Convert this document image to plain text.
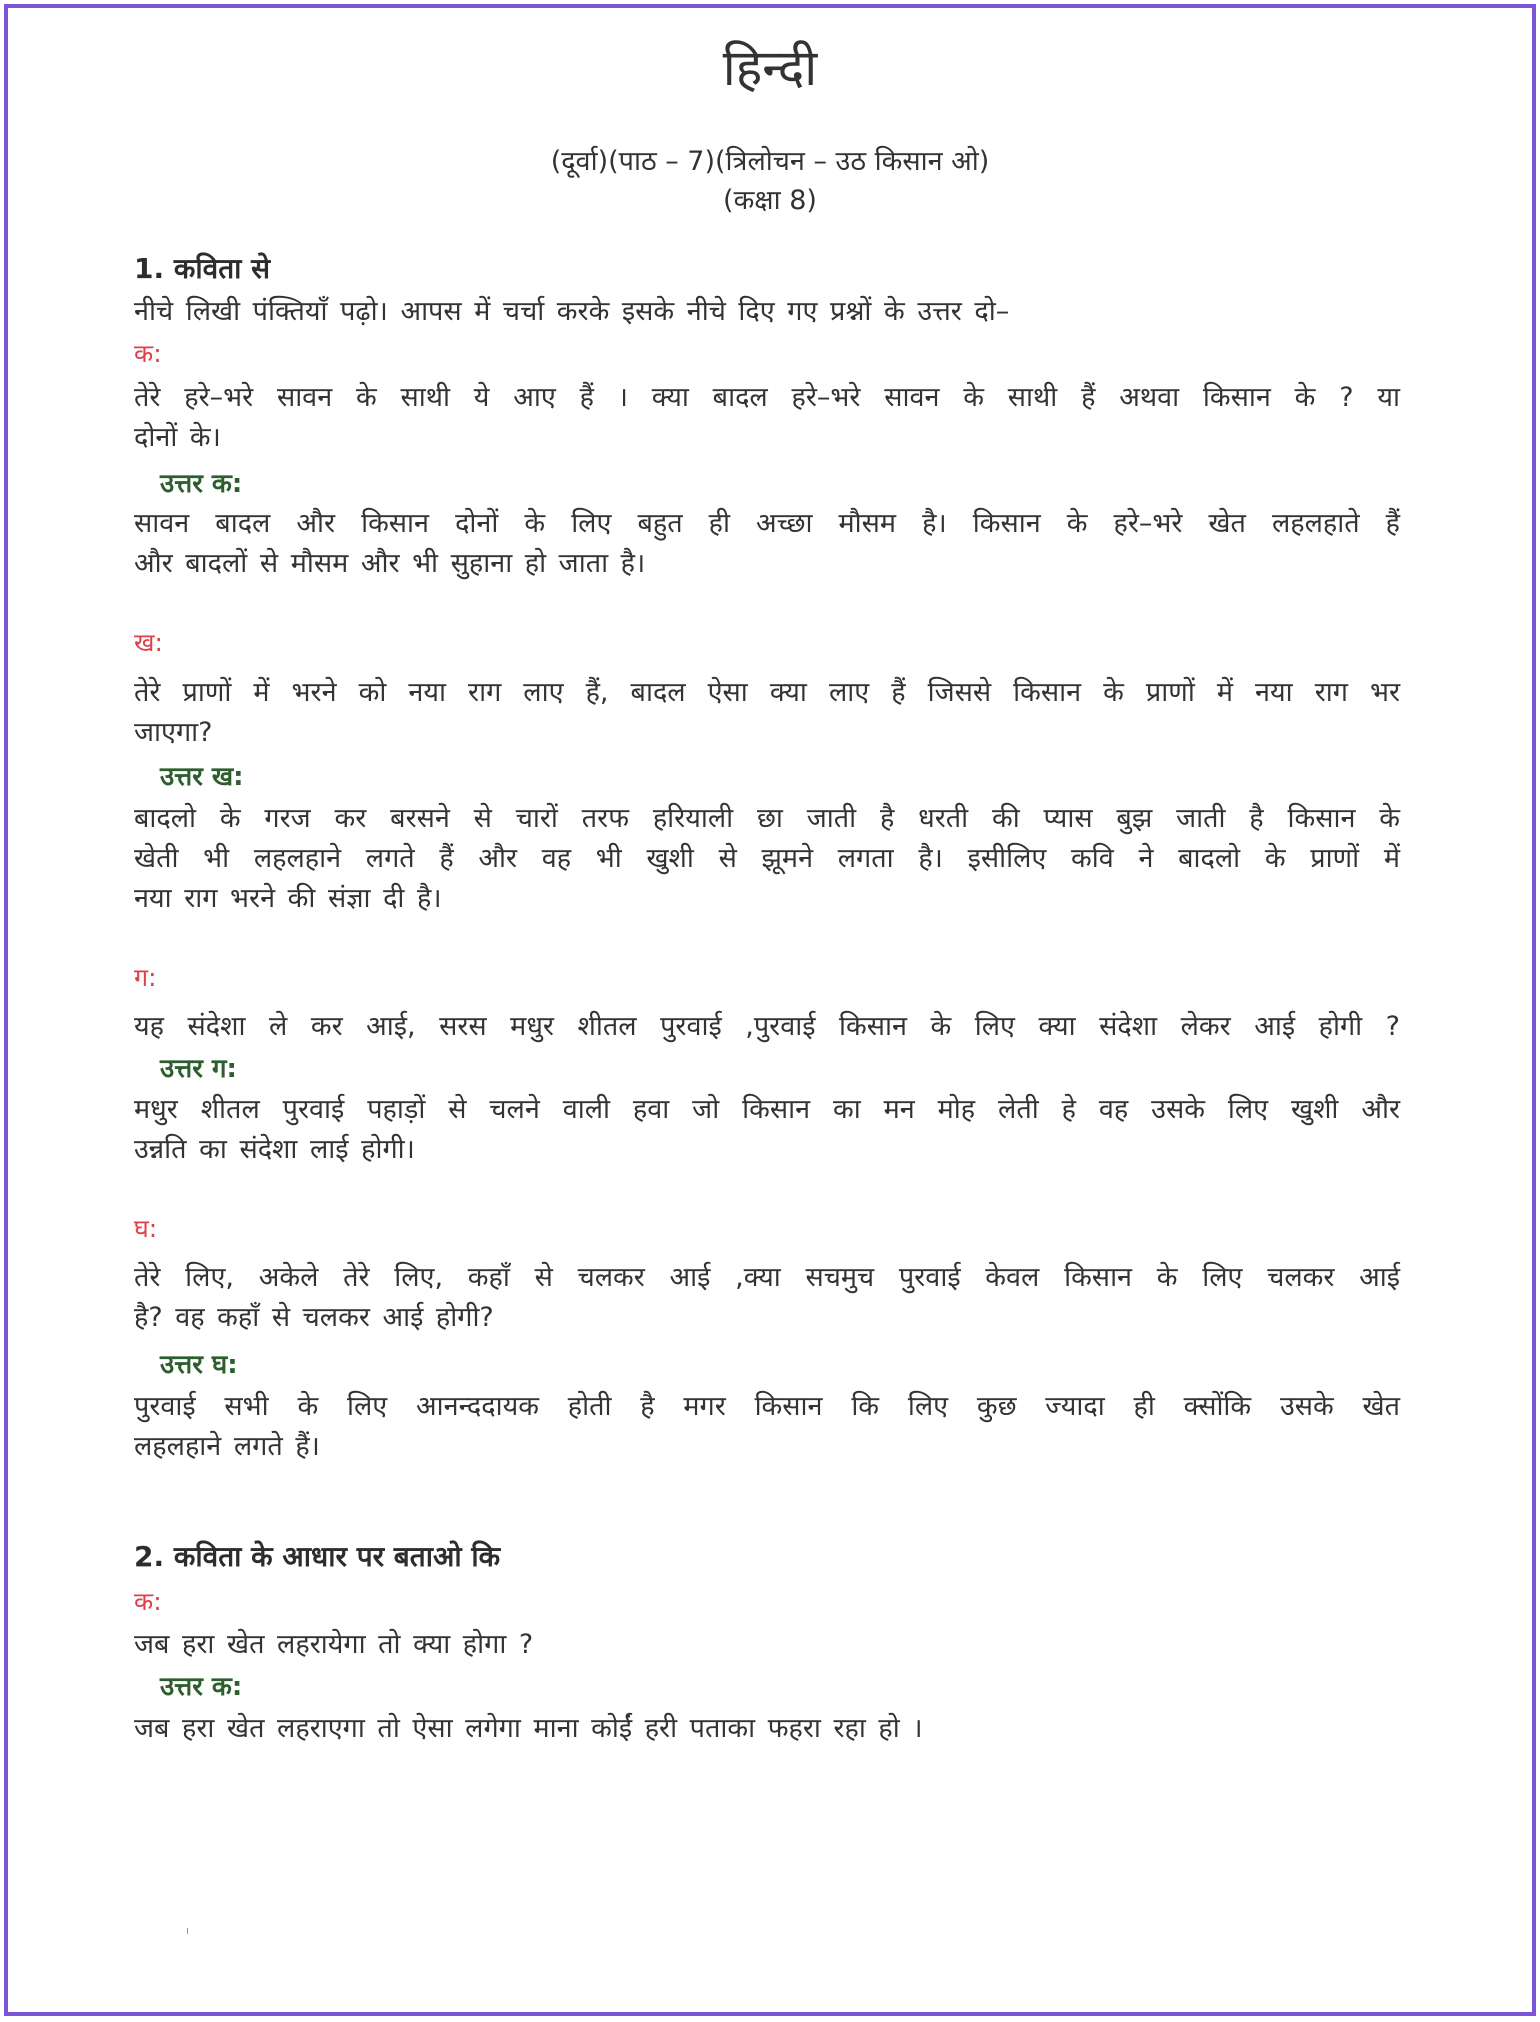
हिन्दी
(दूर्वा)(पाठ – 7)(त्रिलोचन – उठ किसान ओ)
(कक्षा 8)
1. कविता से
नीचे लिखी पंक्तियाँ पढ़ो। आपस में चर्चा करके इसके नीचे दिए गए प्रश्नों के उत्तर दो–
क:
तेरे हरे–भरे सावन के साथी ये आए हैं । क्या बादल हरे–भरे सावन के साथी हैं अथवा किसान के ? या
दोनों के।
उत्तर क:
सावन बादल और किसान दोनों के लिए बहुत ही अच्छा मौसम है। किसान के हरे–भरे खेत लहलहाते हैं
और बादलों से मौसम और भी सुहाना हो जाता है।
ख:
तेरे प्राणों में भरने को नया राग लाए हैं, बादल ऐसा क्या लाए हैं जिससे किसान के प्राणों में नया राग भर
जाएगा?
उत्तर ख:
बादलो के गरज कर बरसने से चारों तरफ हरियाली छा जाती है धरती की प्यास बुझ जाती है किसान के
खेती भी लहलहाने लगते हैं और वह भी खुशी से झूमने लगता है। इसीलिए कवि ने बादलो के प्राणों में
नया राग भरने की संज्ञा दी है।
ग:
यह संदेशा ले कर आई, सरस मधुर शीतल पुरवाई ,पुरवाई किसान के लिए क्या संदेशा लेकर आई होगी ?
उत्तर ग:
मधुर शीतल पुरवाई पहाड़ों से चलने वाली हवा जो किसान का मन मोह लेती हे वह उसके लिए खुशी और
उन्नति का संदेशा लाई होगी।
घ:
तेरे लिए, अकेले तेरे लिए, कहाँ से चलकर आई ,क्या सचमुच पुरवाई केवल किसान के लिए चलकर आई
है? वह कहाँ से चलकर आई होगी?
उत्तर घ:
पुरवाई सभी के लिए आनन्ददायक होती है मगर किसान कि लिए कुछ ज्यादा ही क्सोंकि उसके खेत
लहलहाने लगते हैं।
2. कविता के आधार पर बताओ कि
क:
जब हरा खेत लहरायेगा तो क्या होगा ?
उत्तर क:
जब हरा खेत लहराएगा तो ऐसा लगेगा माना कोईं हरी पताका फहरा रहा हो ।
